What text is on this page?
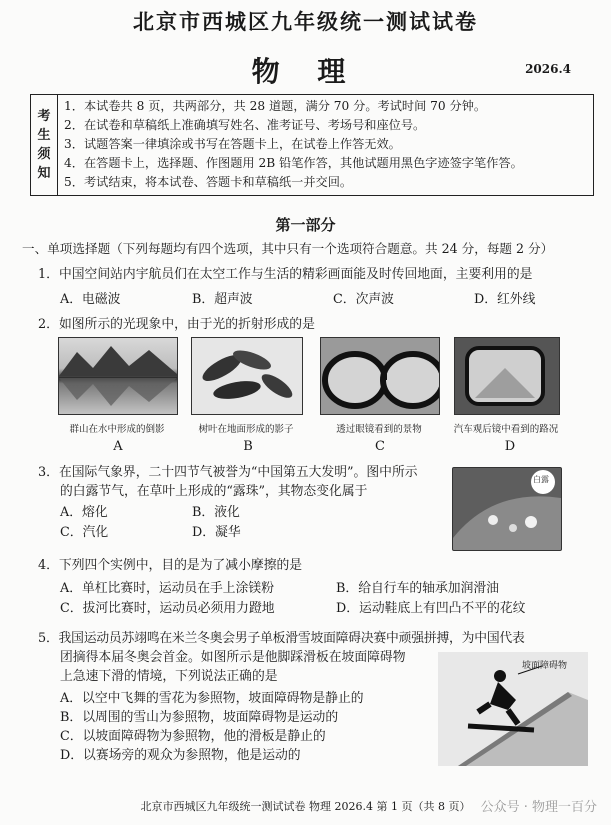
北京市西城区九年级统一测试试卷
物 理	2026.4
考
生
须
知
1．本试卷共 8 页，共两部分，共 28 道题，满分 70 分。考试时间 70 分钟。
2．在试卷和草稿纸上准确填写姓名、准考证号、考场号和座位号。
3．试题答案一律填涂或书写在答题卡上，在试卷上作答无效。
4．在答题卡上，选择题、作图题用 2B 铅笔作答，其他试题用黑色字迹签字笔作答。
5．考试结束，将本试卷、答题卡和草稿纸一并交回。
第一部分
一、单项选择题（下列每题均有四个选项，其中只有一个选项符合题意。共 24 分，每题 2 分）
1．中国空间站内宇航员们在太空工作与生活的精彩画面能及时传回地面，主要利用的是
A．电磁波	B．超声波	C．次声波	D．红外线
2．如图所示的光现象中，由于光的折射形成的是
群山在水中形成的倒影	树叶在地面形成的影子	透过眼镜看到的景物	汽车观后镜中看到的路况
A	B	C	D
3．在国际气象界，二十四节气被誉为“中国第五大发明”。图中所示
的白露节气，在草叶上形成的“露珠”，其物态变化属于
A．熔化	B．液化
C．汽化	D．凝华
白露
4．下列四个实例中，目的是为了减小摩擦的是
A．单杠比赛时，运动员在手上涂镁粉	B．给自行车的轴承加润滑油
C．拔河比赛时，运动员必须用力蹬地	D．运动鞋底上有凹凸不平的花纹
5．我国运动员苏翊鸣在米兰冬奥会男子单板滑雪坡面障碍决赛中顽强拼搏，为中国代表
团摘得本届冬奥会首金。如图所示是他脚踩滑板在坡面障碍物
上急速下滑的情境，下列说法正确的是
A．以空中飞舞的雪花为参照物，坡面障碍物是静止的
B．以周围的雪山为参照物，坡面障碍物是运动的
C．以坡面障碍物为参照物，他的滑板是静止的
D．以赛场旁的观众为参照物，他是运动的
坡面障碍物
北京市西城区九年级统一测试试卷 物理 2026.4 第 1 页（共 8 页） 公众号 · 物理一百分
